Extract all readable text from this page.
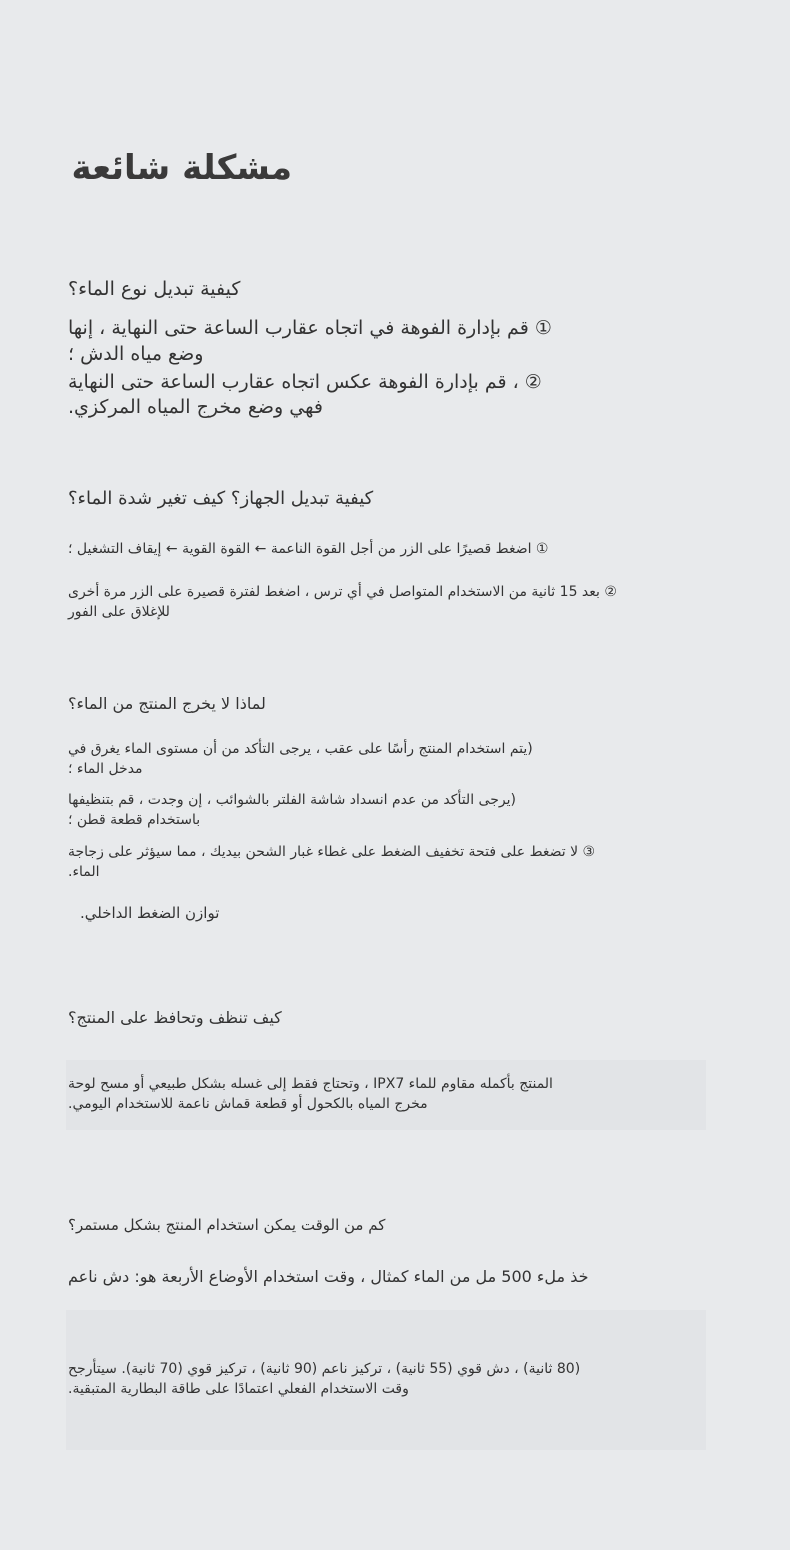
مشكلة شائعة
كيفية تبديل نوع الماء؟
① قم بإدارة الفوهة في اتجاه عقارب الساعة حتى النهاية ، إنها
وضع مياه الدش ؛
② ، قم بإدارة الفوهة عكس اتجاه عقارب الساعة حتى النهاية
فهي وضع مخرج المياه المركزي.
كيفية تبديل الجهاز؟ كيف تغير شدة الماء؟
① اضغط قصيرًا على الزر من أجل القوة الناعمة ← القوة القوية ← إيقاف التشغيل ؛
② بعد 15 ثانية من الاستخدام المتواصل في أي ترس ، اضغط لفترة قصيرة على الزر مرة أخرى
للإغلاق على الفور
لماذا لا يخرج المنتج من الماء؟
(يتم استخدام المنتج رأسًا على عقب ، يرجى التأكد من أن مستوى الماء يغرق في
مدخل الماء ؛
(يرجى التأكد من عدم انسداد شاشة الفلتر بالشوائب ، إن وجدت ، قم بتنظيفها
باستخدام قطعة قطن ؛
③ لا تضغط على فتحة تخفيف الضغط على غطاء غبار الشحن بيديك ، مما سيؤثر على زجاجة
الماء.
توازن الضغط الداخلي.
كيف تنظف وتحافظ على المنتج؟
المنتج بأكمله مقاوم للماء IPX7 ، وتحتاج فقط إلى غسله بشكل طبيعي أو مسح لوحة
مخرج المياه بالكحول أو قطعة قماش ناعمة للاستخدام اليومي.
كم من الوقت يمكن استخدام المنتج بشكل مستمر؟
خذ ملء 500 مل من الماء كمثال ، وقت استخدام الأوضاع الأربعة هو: دش ناعم
(80 ثانية) ، دش قوي (55 ثانية) ، تركيز ناعم (90 ثانية) ، تركيز قوي (70 ثانية). سيتأرجح
وقت الاستخدام الفعلي اعتمادًا على طاقة البطارية المتبقية.
